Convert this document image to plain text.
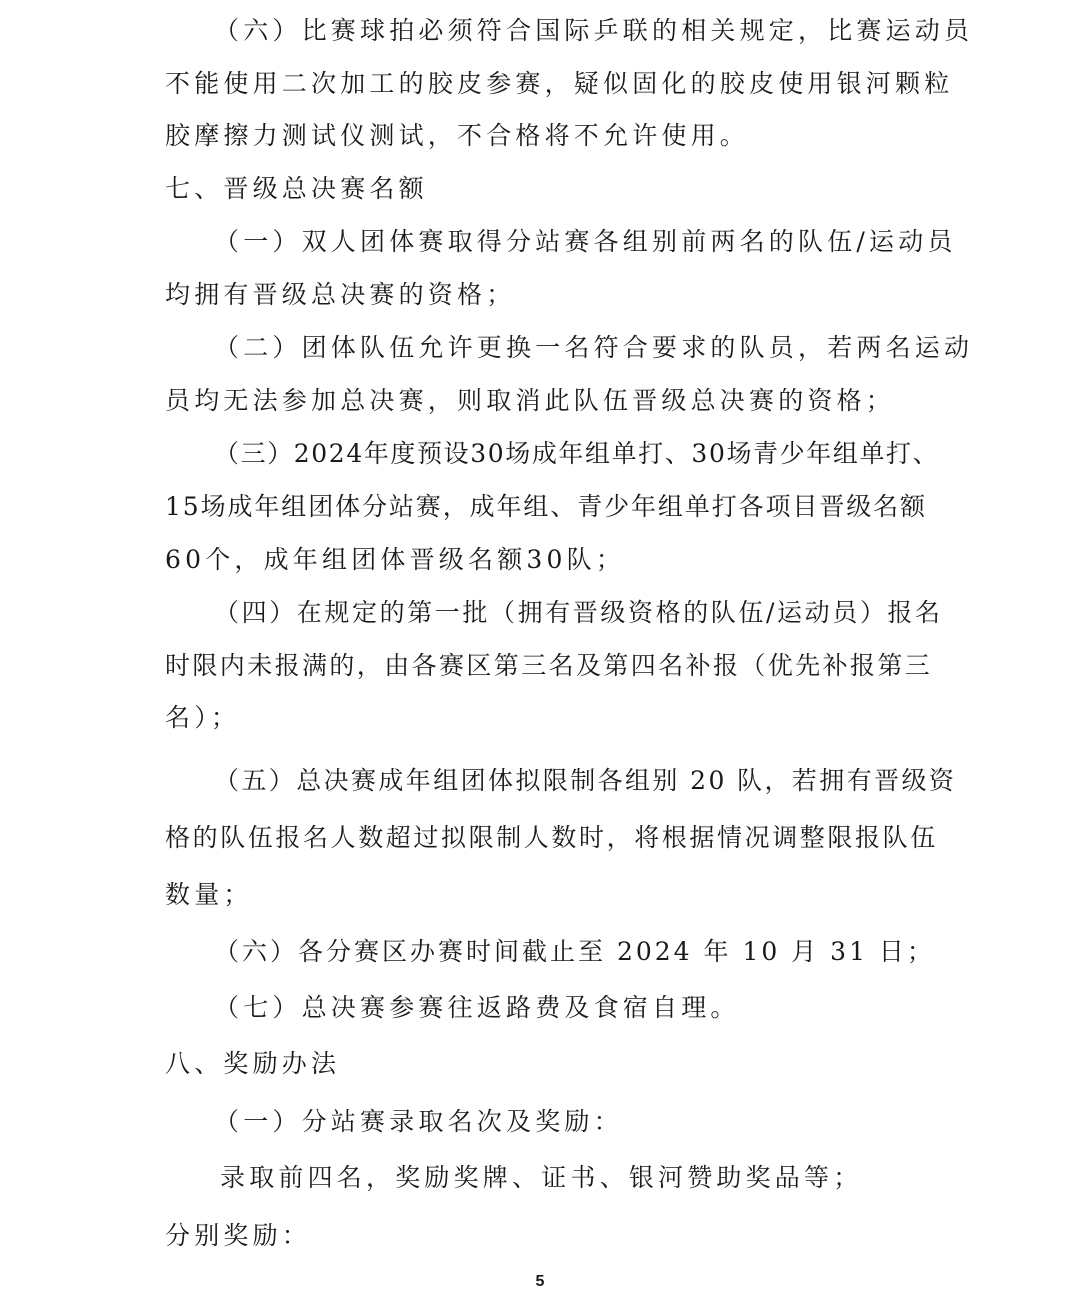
（六）比赛球拍必须符合国际乒联的相关规定，比赛运动员
不能使用二次加工的胶皮参赛，疑似固化的胶皮使用银河颗粒
胶摩擦力测试仪测试，不合格将不允许使用。
七、晋级总决赛名额
（一）双人团体赛取得分站赛各组别前两名的队伍/运动员
均拥有晋级总决赛的资格；
（二）团体队伍允许更换一名符合要求的队员，若两名运动
员均无法参加总决赛，则取消此队伍晋级总决赛的资格；
（三）2024年度预设30场成年组单打、30场青少年组单打、
15场成年组团体分站赛，成年组、青少年组单打各项目晋级名额
60个，成年组团体晋级名额30队；
（四）在规定的第一批（拥有晋级资格的队伍/运动员）报名
时限内未报满的，由各赛区第三名及第四名补报（优先补报第三
名）；
（五）总决赛成年组团体拟限制各组别 20 队，若拥有晋级资
格的队伍报名人数超过拟限制人数时，将根据情况调整限报队伍
数量；
（六）各分赛区办赛时间截止至 2024 年 10 月 31 日；
（七）总决赛参赛往返路费及食宿自理。
八、奖励办法
（一）分站赛录取名次及奖励：
录取前四名，奖励奖牌、证书、银河赞助奖品等；
分别奖励：
5
